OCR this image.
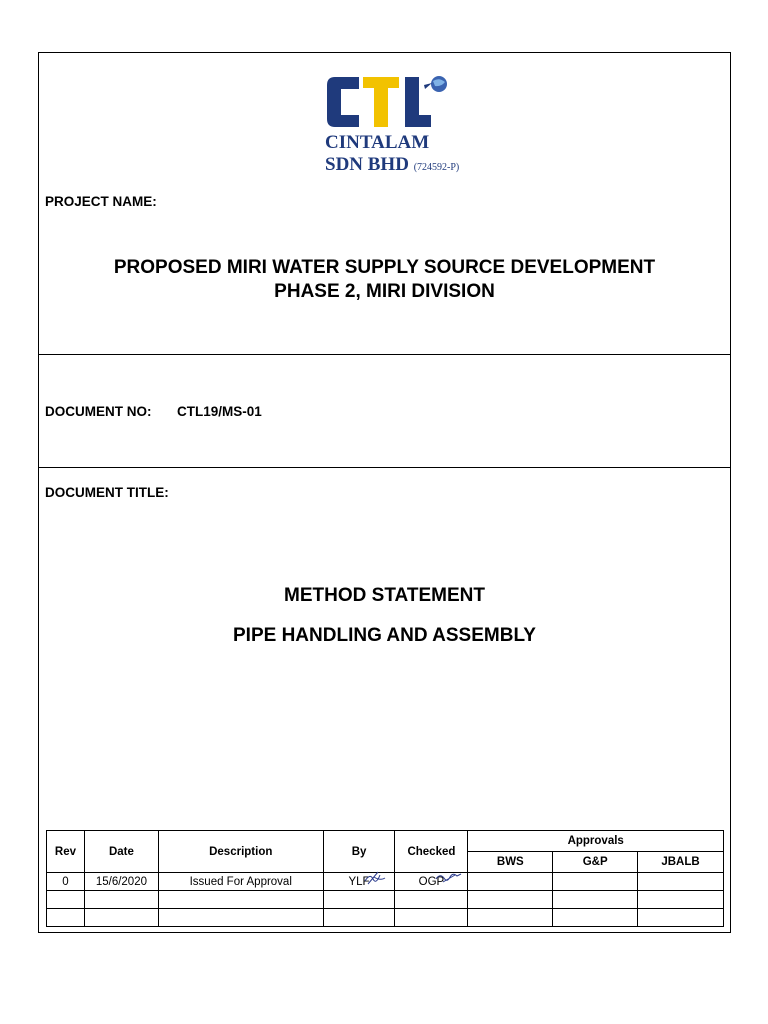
CINTALAM
SDN BHD (724592-P)
PROJECT NAME:
PROPOSED MIRI WATER SUPPLY SOURCE DEVELOPMENT
PHASE 2, MIRI DIVISION
DOCUMENT NO: CTL19/MS-01
DOCUMENT TITLE:
METHOD STATEMENT
PIPE HANDLING AND ASSEMBLY
Rev	Date	Description	By	Checked	Approvals		
					BWS	G&P	JBALB
0	15/6/2020	Issued For Approval	YLF	OGP
